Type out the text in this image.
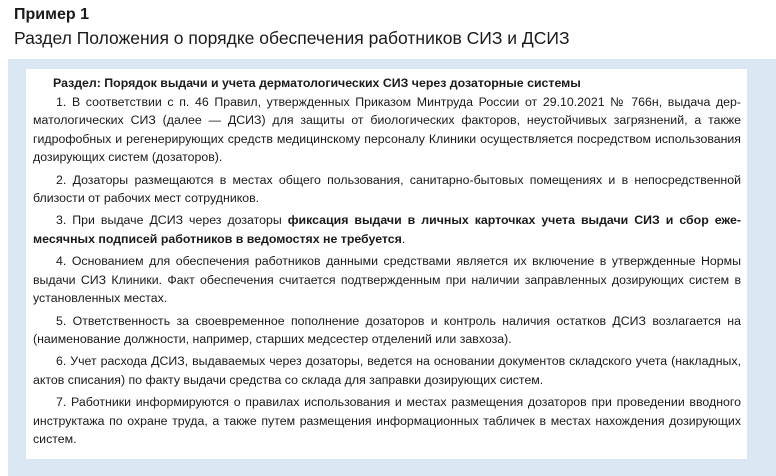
Пример 1
Раздел Положения о порядке обеспечения работников СИЗ и ДСИЗ

Раздел: Порядок выдачи и учета дерматологических СИЗ через дозаторные системы

1. В соответствии с п. 46 Правил, утвержденных Приказом Минтруда России от 29.10.2021 № 766н, выдача дерматологических СИЗ (далее — ДСИЗ) для защиты от биологических факторов, неустойчивых загрязнений, а также гидрофобных и регенерирующих средств медицинскому персоналу Клиники осуществляется посредством использования дозирующих систем (дозаторов).

2. Дозаторы размещаются в местах общего пользования, санитарно-бытовых помещениях и в непосредственной близости от рабочих мест сотрудников.

3. При выдаче ДСИЗ через дозаторы фиксация выдачи в личных карточках учета выдачи СИЗ и сбор ежемесячных подписей работников в ведомостях не требуется.

4. Основанием для обеспечения работников данными средствами является их включение в утвержденные Нормы выдачи СИЗ Клиники. Факт обеспечения считается подтвержденным при наличии заправленных дозирующих систем в установленных местах.

5. Ответственность за своевременное пополнение дозаторов и контроль наличия остатков ДСИЗ возлагается на (наименование должности, например, старших медсестер отделений или завхоза).

6. Учет расхода ДСИЗ, выдаваемых через дозаторы, ведется на основании документов складского учета (накладных, актов списания) по факту выдачи средства со склада для заправки дозирующих систем.

7. Работники информируются о правилах использования и местах размещения дозаторов при проведении вводного инструктажа по охране труда, а также путем размещения информационных табличек в местах нахождения дозирующих систем.
